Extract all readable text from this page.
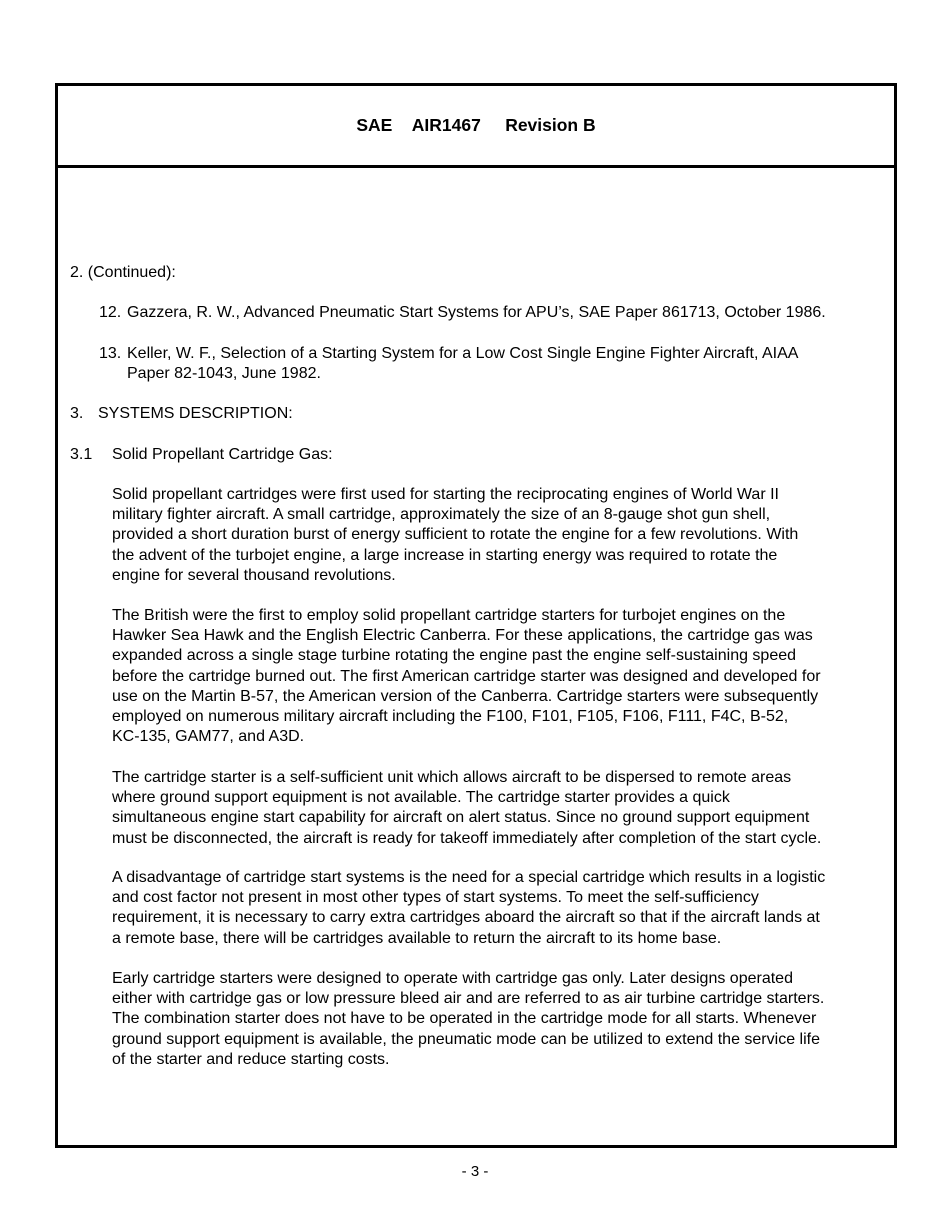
SAE
AIR1467
Revision B
2. (Continued):
12. Gazzera, R. W., Advanced Pneumatic Start Systems for APU’s, SAE Paper 861713, October 1986.
13. Keller, W. F., Selection of a Starting System for a Low Cost Single Engine Fighter Aircraft, AIAA
Paper 82-1043, June 1982.
3. SYSTEMS DESCRIPTION:
3.1 Solid Propellant Cartridge Gas:

Solid propellant cartridges were first used for starting the reciprocating engines of World War II
military fighter aircraft. A small cartridge, approximately the size of an 8-gauge shot gun shell,
provided a short duration burst of energy sufficient to rotate the engine for a few revolutions. With
the advent of the turbojet engine, a large increase in starting energy was required to rotate the
engine for several thousand revolutions.

The British were the first to employ solid propellant cartridge starters for turbojet engines on the
Hawker Sea Hawk and the English Electric Canberra. For these applications, the cartridge gas was
expanded across a single stage turbine rotating the engine past the engine self-sustaining speed
before the cartridge burned out. The first American cartridge starter was designed and developed for
use on the Martin B-57, the American version of the Canberra. Cartridge starters were subsequently
employed on numerous military aircraft including the F100, F101, F105, F106, F111, F4C, B-52,
KC-135, GAM77, and A3D.

The cartridge starter is a self-sufficient unit which allows aircraft to be dispersed to remote areas
where ground support equipment is not available. The cartridge starter provides a quick
simultaneous engine start capability for aircraft on alert status. Since no ground support equipment
must be disconnected, the aircraft is ready for takeoff immediately after completion of the start cycle.

A disadvantage of cartridge start systems is the need for a special cartridge which results in a logistic
and cost factor not present in most other types of start systems. To meet the self-sufficiency
requirement, it is necessary to carry extra cartridges aboard the aircraft so that if the aircraft lands at
a remote base, there will be cartridges available to return the aircraft to its home base.

Early cartridge starters were designed to operate with cartridge gas only. Later designs operated
either with cartridge gas or low pressure bleed air and are referred to as air turbine cartridge starters.
The combination starter does not have to be operated in the cartridge mode for all starts. Whenever
ground support equipment is available, the pneumatic mode can be utilized to extend the service life
of the starter and reduce starting costs.

- 3 -
